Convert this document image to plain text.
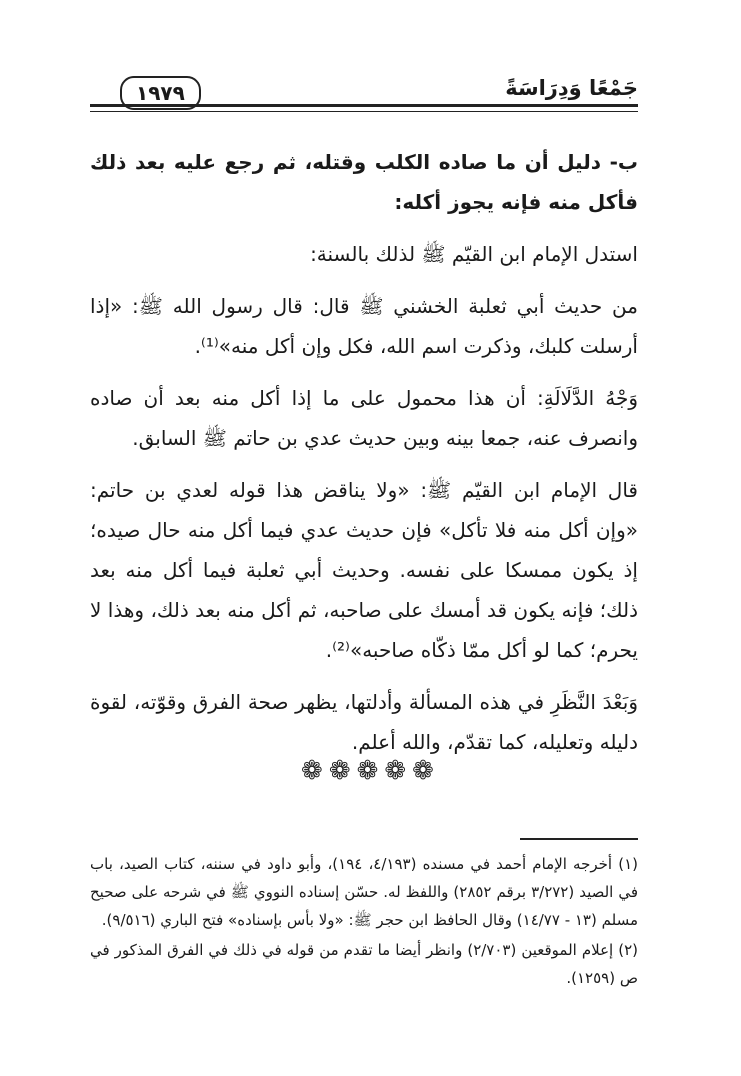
١٩٧٩	جَمْعًا وَدِرَاسَةً

ب- دليل أن ما صاده الكلب وقتله، ثم رجع عليه بعد ذلك فأكل منه فإنه يجوز أكله:

استدل الإمام ابن القيّم ﷺ لذلك بالسنة:

من حديث أبي ثعلبة الخشني ﷺ قال: قال رسول الله ﷺ: «إذا أرسلت كلبك، وذكرت اسم الله، فكل وإن أكل منه»⁽¹⁾.

وَجْهُ الدَّلَالَةِ: أن هذا محمول على ما إذا أكل منه بعد أن صاده وانصرف عنه، جمعا بينه وبين حديث عدي بن حاتم ﷺ السابق.

قال الإمام ابن القيّم ﷺ: «ولا يناقض هذا قوله لعدي بن حاتم: «وإن أكل منه فلا تأكل» فإن حديث عدي فيما أكل منه حال صيده؛ إذ يكون ممسكا على نفسه. وحديث أبي ثعلبة فيما أكل منه بعد ذلك؛ فإنه يكون قد أمسك على صاحبه، ثم أكل منه بعد ذلك، وهذا لا يحرم؛ كما لو أكل ممّا ذكّاه صاحبه»⁽²⁾.

وَبَعْدَ النَّظَرِ في هذه المسألة وأدلتها، يظهر صحة الفرق وقوّته، لقوة دليله وتعليله، كما تقدّم، والله أعلم.

❁❁❁❁❁

(١) أخرجه الإمام أحمد في مسنده (٤/١٩٣، ١٩٤)، وأبو داود في سننه، كتاب الصيد، باب في الصيد (٣/٢٧٢ برقم ٢٨٥٢) واللفظ له. حسّن إسناده النووي ﷺ في شرحه على صحيح مسلم (١٣ - ١٤/٧٧) وقال الحافظ ابن حجر ﷺ: «ولا بأس بإسناده» فتح الباري (٩/٥١٦).

(٢) إعلام الموقعين (٢/٧٠٣) وانظر أيضا ما تقدم من قوله في ذلك في الفرق المذكور في ص (١٢٥٩).
